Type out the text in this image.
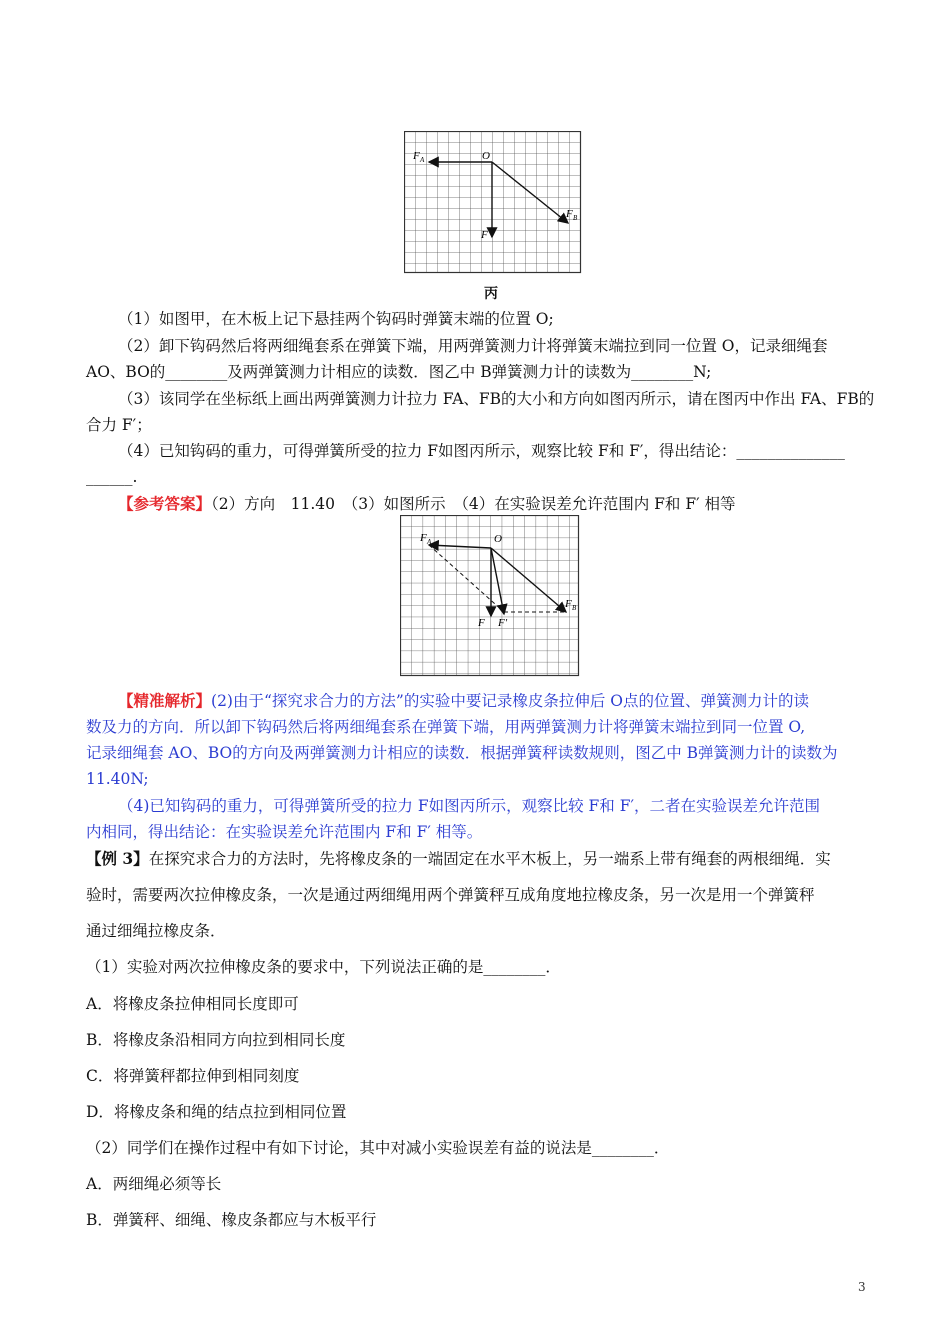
F A	O
F B
F
丙
（1）如图甲，在木板上记下悬挂两个钩码时弹簧末端的位置 O;
（2）卸下钩码然后将两细绳套系在弹簧下端，用两弹簧测力计将弹簧末端拉到同一位置 O，记录细绳套
AO、BO的________及两弹簧测力计相应的读数．图乙中 B弹簧测力计的读数为________N;
（3）该同学在坐标纸上画出两弹簧测力计拉力 FA、FB的大小和方向如图丙所示，请在图丙中作出 FA、FB的
合力 F′；
（4）已知钩码的重力，可得弹簧所受的拉力 F如图丙所示，观察比较 F和 F′，得出结论：______________
______.
【参考答案】（2）方向　11.40　（3）如图所示　（4）在实验误差允许范围内 F和 F′ 相等
F A	O
F B
F F′
【精准解析】(2)由于“探究求合力的方法”的实验中要记录橡皮条拉伸后 O点的位置、弹簧测力计的读
数及力的方向．所以卸下钩码然后将两细绳套系在弹簧下端，用两弹簧测力计将弹簧末端拉到同一位置 O,
记录细绳套 AO、BO的方向及两弹簧测力计相应的读数．根据弹簧秤读数规则，图乙中 B弹簧测力计的读数为
11.40N;
（4)已知钩码的重力，可得弹簧所受的拉力 F如图丙所示，观察比较 F和 F′，二者在实验误差允许范围
内相同，得出结论：在实验误差允许范围内 F和 F′ 相等。
【例 3】在探究求合力的方法时，先将橡皮条的一端固定在水平木板上，另一端系上带有绳套的两根细绳．实
验时，需要两次拉伸橡皮条，一次是通过两细绳用两个弹簧秤互成角度地拉橡皮条，另一次是用一个弹簧秤
通过细绳拉橡皮条．
（1）实验对两次拉伸橡皮条的要求中，下列说法正确的是________．
A．将橡皮条拉伸相同长度即可
B．将橡皮条沿相同方向拉到相同长度
C．将弹簧秤都拉伸到相同刻度
D．将橡皮条和绳的结点拉到相同位置
（2）同学们在操作过程中有如下讨论，其中对减小实验误差有益的说法是________．
A．两细绳必须等长
B．弹簧秤、细绳、橡皮条都应与木板平行
3
